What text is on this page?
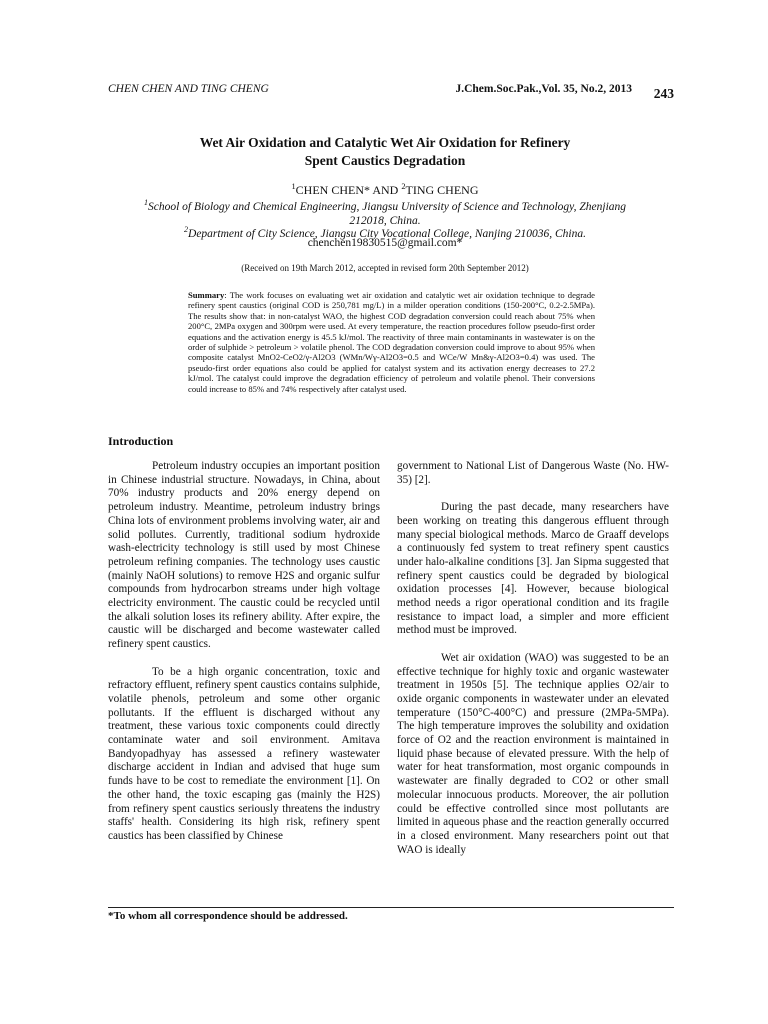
CHEN CHEN AND TING CHENG	J.Chem.Soc.Pak.,Vol. 35, No.2, 2013 243
Wet Air Oxidation and Catalytic Wet Air Oxidation for Refinery
Spent Caustics Degradation
$^1$CHEN CHEN* AND $^2$TING CHENG
$^1$School of Biology and Chemical Engineering, Jiangsu University of Science and Technology, Zhenjiang 212018, China.
$^2$Department of City Science, Jiangsu City Vocational College, Nanjing 210036, China.
chenchen19830515@gmail.com*
(Received on 19th March 2012, accepted in revised form 20th September 2012)
Summary: The work focuses on evaluating wet air oxidation and catalytic wet air oxidation technique to degrade refinery spent caustics (original COD is 250,781 mg/L) in a milder operation conditions (150-200°C, 0.2-2.5MPa). The results show that: in non-catalyst WAO, the highest COD degradation conversion could reach about 75% when 200°C, 2MPa oxygen and 300rpm were used. At every temperature, the reaction procedures follow pseudo-first order equations and the activation energy is 45.5 kJ/mol. The reactivity of three main contaminants in wastewater is on the order of sulphide > petroleum > volatile phenol. The COD degradation conversion could improve to about 95% when composite catalyst MnO2-CeO2/γ-Al2O3 (WMn/Wγ-Al2O3=0.5 and WCe/W Mn&γ-Al2O3=0.4) was used. The pseudo-first order equations also could be applied for catalyst system and its activation energy decreases to 27.2 kJ/mol. The catalyst could improve the degradation efficiency of petroleum and volatile phenol. Their conversions could increase to 85% and 74% respectively after catalyst used.
Introduction

Petroleum industry occupies an important position in Chinese industrial structure. Nowadays, in China, about 70% industry products and 20% energy depend on petroleum industry. Meantime, petroleum industry brings China lots of environment problems involving water, air and solid pollutes. Currently, traditional sodium hydroxide wash-electricity technology is still used by most Chinese petroleum refining companies. The technology uses caustic (mainly NaOH solutions) to remove H2S and organic sulfur compounds from hydrocarbon streams under high voltage electricity environment. The caustic could be recycled until the alkali solution loses its refinery ability. After expire, the caustic will be discharged and become wastewater called refinery spent caustics.

To be a high organic concentration, toxic and refractory effluent, refinery spent caustics contains sulphide, volatile phenols, petroleum and some other organic pollutants. If the effluent is discharged without any treatment, these various toxic components could directly contaminate water and soil environment. Amitava Bandyopadhyay has assessed a refinery wastewater discharge accident in Indian and advised that huge sum funds have to be cost to remediate the environment [1]. On the other hand, the toxic escaping gas (mainly the H2S) from refinery spent caustics seriously threatens the industry staffs' health. Considering its high risk, refinery spent caustics has been classified by Chinese

government to National List of Dangerous Waste (No. HW-35) [2].

During the past decade, many researchers have been working on treating this dangerous effluent through many special biological methods. Marco de Graaff develops a continuously fed system to treat refinery spent caustics under halo-alkaline conditions [3]. Jan Sipma suggested that refinery spent caustics could be degraded by biological oxidation processes [4]. However, because biological method needs a rigor operational condition and its fragile resistance to impact load, a simpler and more efficient method must be improved.

Wet air oxidation (WAO) was suggested to be an effective technique for highly toxic and organic wastewater treatment in 1950s [5]. The technique applies O2/air to oxide organic components in wastewater under an elevated temperature (150°C-400°C) and pressure (2MPa-5MPa). The high temperature improves the solubility and oxidation force of O2 and the reaction environment is maintained in liquid phase because of elevated pressure. With the help of water for heat transformation, most organic compounds in wastewater are finally degraded to CO2 or other small molecular innocuous products. Moreover, the air pollution could be effective controlled since most pollutants are limited in aqueous phase and the reaction generally occurred in a closed environment. Many researchers point out that WAO is ideally

*To whom all correspondence should be addressed.
